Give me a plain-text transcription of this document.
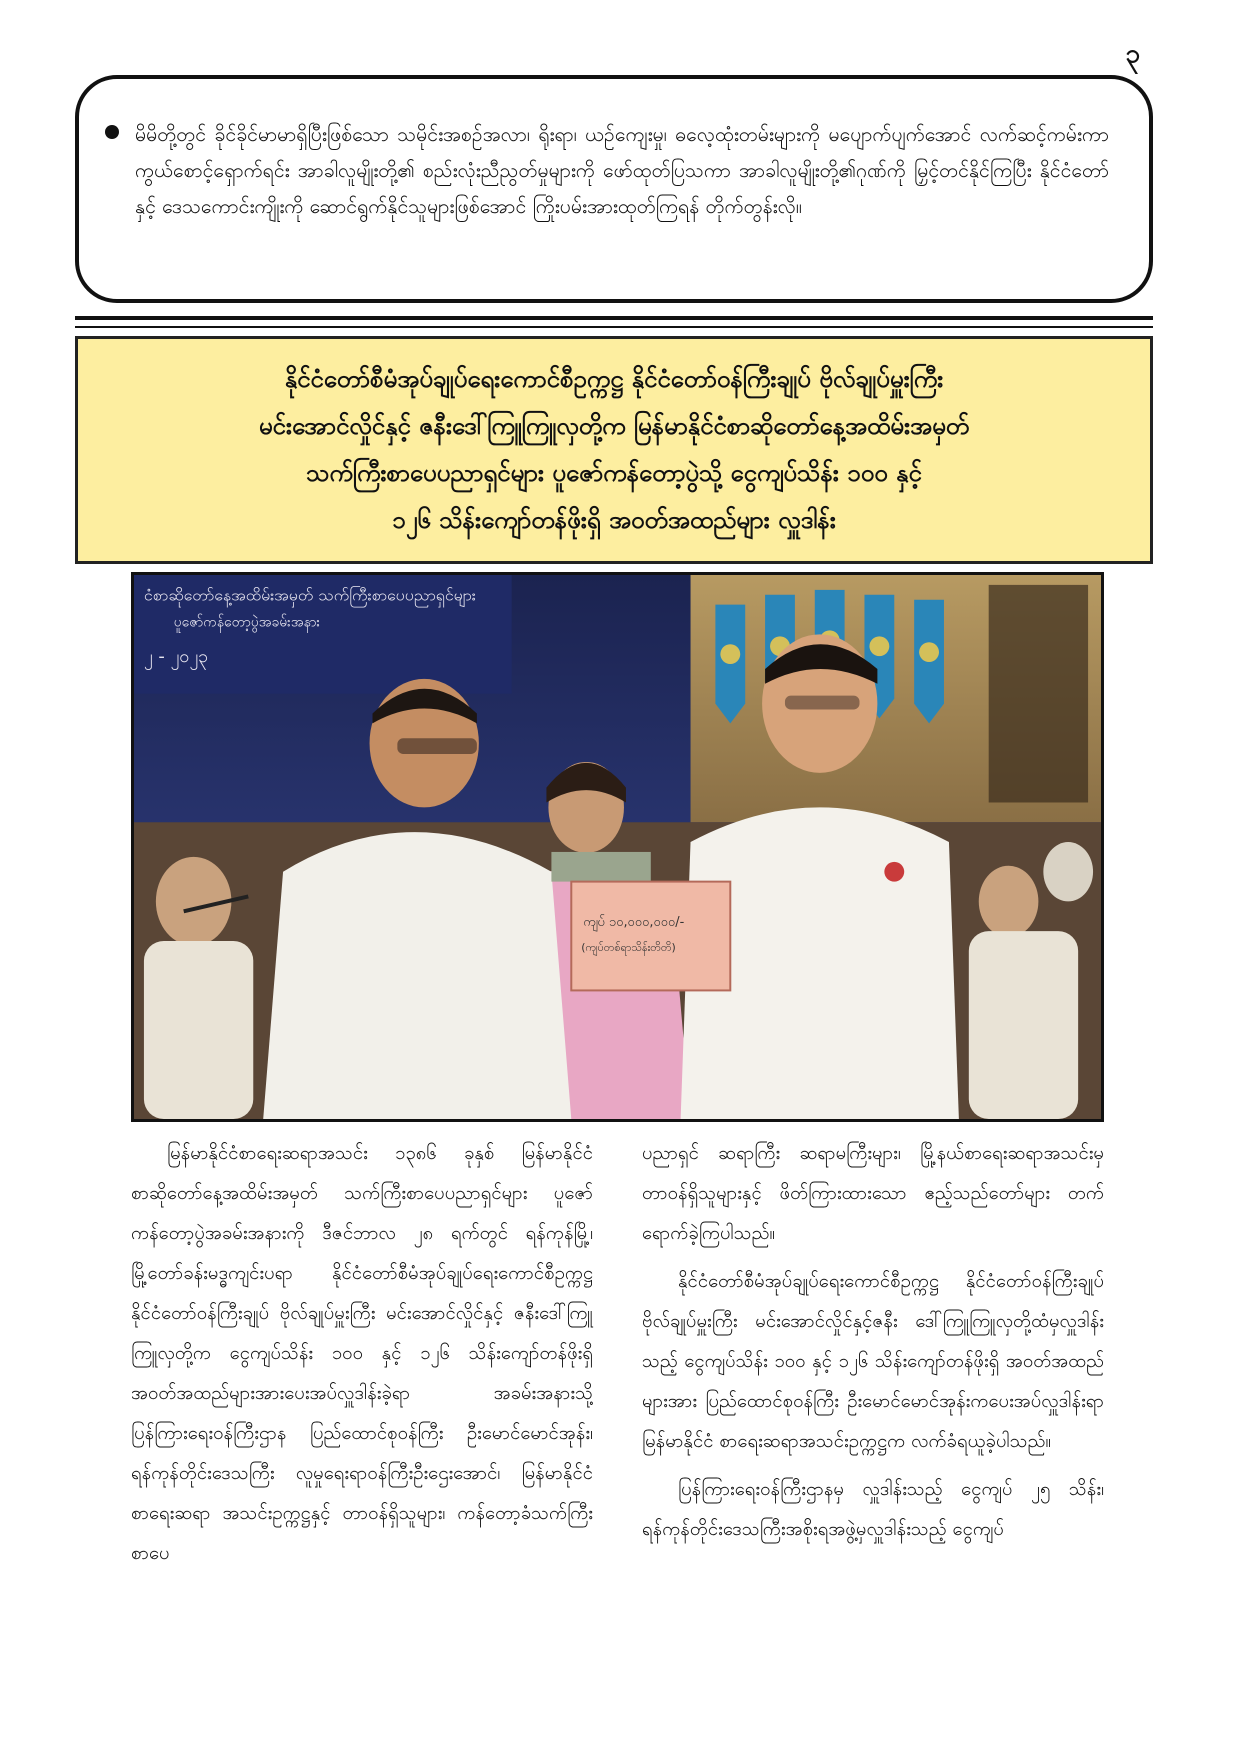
၃

မိမိတို့တွင် ခိုင်ခိုင်မာမာရှိပြီးဖြစ်သော သမိုင်းအစဉ်အလာ၊ ရိုးရာ၊ ယဉ်ကျေးမှု၊ ဓလေ့ထုံးတမ်းများကို မပျောက်ပျက်အောင် လက်ဆင့်ကမ်းကာကွယ်စောင့်ရှောက်ရင်း အာခါလူမျိုးတို့၏ စည်းလုံးညီညွတ်မှုများကို ဖော်ထုတ်ပြသကာ အာခါလူမျိုးတို့၏ဂုဏ်ကို မြှင့်တင်နိုင်ကြပြီး နိုင်ငံတော်နှင့် ဒေသကောင်းကျိုးကို ဆောင်ရွက်နိုင်သူများဖြစ်အောင် ကြိုးပမ်းအားထုတ်ကြရန် တိုက်တွန်းလို။

နိုင်ငံတော်စီမံအုပ်ချုပ်ရေးကောင်စီဥက္ကဋ္ဌ နိုင်ငံတော်ဝန်ကြီးချုပ် ဗိုလ်ချုပ်မှူးကြီး

မင်းအောင်လှိုင်နှင့် ဇနီးဒေါ်ကြူကြူလှတို့က မြန်မာနိုင်ငံစာဆိုတော်နေ့အထိမ်းအမှတ်

သက်ကြီးစာပေပညာရှင်များ ပူဇော်ကန်တော့ပွဲသို့ ငွေကျပ်သိန်း ၁၀၀ နှင့်

၁၂၆ သိန်းကျော်တန်ဖိုးရှိ အဝတ်အထည်များ လှူဒါန်း

ငံစာဆိုတော်နေ့အထိမ်းအမှတ် သက်ကြီးစာပေပညာရှင်များ
ပူဇော်ကန်တော့ပွဲအခမ်းအနား
၂ - ၂၀၂၃
ကျပ် ၁၀,၀၀၀,၀၀၀/-
(ကျပ်တစ်ရာသိန်းတိတိ)

မြန်မာနိုင်ငံစာရေးဆရာအသင်း ၁၃၈၆ ခုနှစ် မြန်မာနိုင်ငံစာဆိုတော်နေ့အထိမ်းအမှတ် သက်ကြီးစာပေပညာရှင်များ ပူဇော်ကန်တော့ပွဲအခမ်းအနားကို ဒီဇင်ဘာလ ၂၈ ရက်တွင် ရန်ကုန်မြို့၊ မြို့တော်ခန်းမဒ္ဓကျင်းပရာ နိုင်ငံတော်စီမံအုပ်ချုပ်ရေးကောင်စီဥက္ကဋ္ဌ နိုင်ငံတော်ဝန်ကြီးချုပ် ဗိုလ်ချုပ်မှူးကြီး မင်းအောင်လှိုင်နှင့် ဇနီးဒေါ်ကြူကြူလှတို့က ငွေကျပ်သိန်း ၁၀၀ နှင့် ၁၂၆ သိန်းကျော်တန်ဖိုးရှိ အဝတ်အထည်များအားပေးအပ်လှူဒါန်းခဲ့ရာ အခမ်းအနားသို့ ပြန်ကြားရေးဝန်ကြီးဌာန ပြည်ထောင်စုဝန်ကြီး ဦးမောင်မောင်အုန်း၊ ရန်ကုန်တိုင်းဒေသကြီး လူမှုရေးရာဝန်ကြီးဦးဌေးအောင်၊ မြန်မာနိုင်ငံ စာရေးဆရာ အသင်းဥက္ကဋ္ဌနှင့် တာဝန်ရှိသူများ၊ ကန်တော့ခံသက်ကြီးစာပေ

ပညာရှင် ဆရာကြီး ဆရာမကြီးများ၊ မြို့နယ်စာရေးဆရာအသင်းမှ တာဝန်ရှိသူများနှင့် ဖိတ်ကြားထားသော ဧည့်သည်တော်များ တက်ရောက်ခဲ့ကြပါသည်။

နိုင်ငံတော်စီမံအုပ်ချုပ်ရေးကောင်စီဥက္ကဋ္ဌ နိုင်ငံတော်ဝန်ကြီးချုပ် ဗိုလ်ချုပ်မှူးကြီး မင်းအောင်လှိုင်နှင့်ဇနီး ဒေါ်ကြူကြူလှတို့ထံမှလှူဒါန်းသည့် ငွေကျပ်သိန်း ၁၀၀ နှင့် ၁၂၆ သိန်းကျော်တန်ဖိုးရှိ အဝတ်အထည်များအား ပြည်ထောင်စုဝန်ကြီး ဦးမောင်မောင်အုန်းကပေးအပ်လှူဒါန်းရာ မြန်မာနိုင်ငံ စာရေးဆရာအသင်းဥက္ကဋ္ဌက လက်ခံရယူခဲ့ပါသည်။

ပြန်ကြားရေးဝန်ကြီးဌာနမှ လှူဒါန်းသည့် ငွေကျပ် ၂၅ သိန်း၊ ရန်ကုန်တိုင်းဒေသကြီးအစိုးရအဖွဲ့မှလှူဒါန်းသည့် ငွေကျပ်
